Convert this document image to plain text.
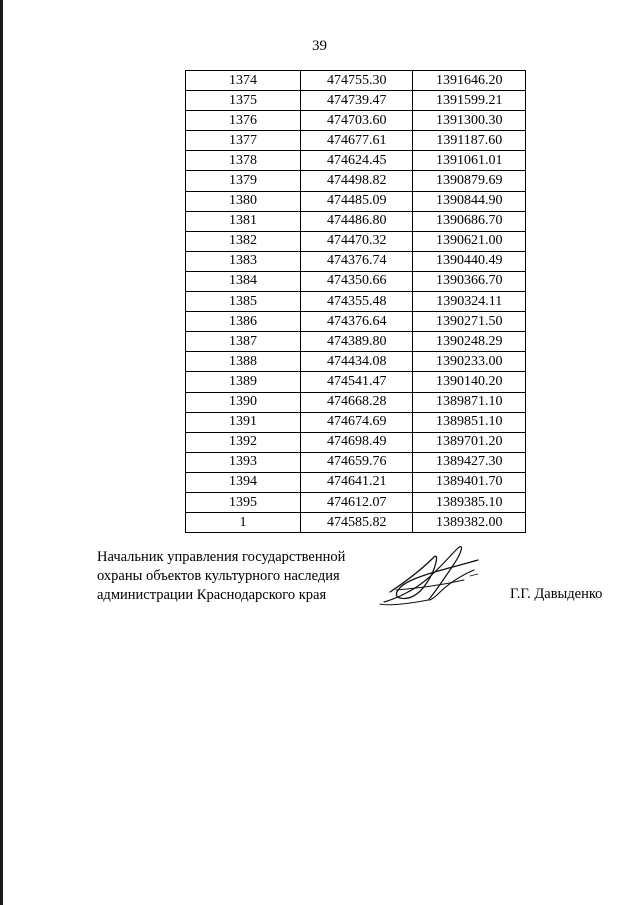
39
1374	474755.30	1391646.20
1375	474739.47	1391599.21
1376	474703.60	1391300.30
1377	474677.61	1391187.60
1378	474624.45	1391061.01
1379	474498.82	1390879.69
1380	474485.09	1390844.90
1381	474486.80	1390686.70
1382	474470.32	1390621.00
1383	474376.74	1390440.49
1384	474350.66	1390366.70
1385	474355.48	1390324.11
1386	474376.64	1390271.50
1387	474389.80	1390248.29
1388	474434.08	1390233.00
1389	474541.47	1390140.20
1390	474668.28	1389871.10
1391	474674.69	1389851.10
1392	474698.49	1389701.20
1393	474659.76	1389427.30
1394	474641.21	1389401.70
1395	474612.07	1389385.10
1	474585.82	1389382.00
Начальник управления государственной
охраны объектов культурного наследия
администрации Краснодарского края	Г.Г. Давыденко
